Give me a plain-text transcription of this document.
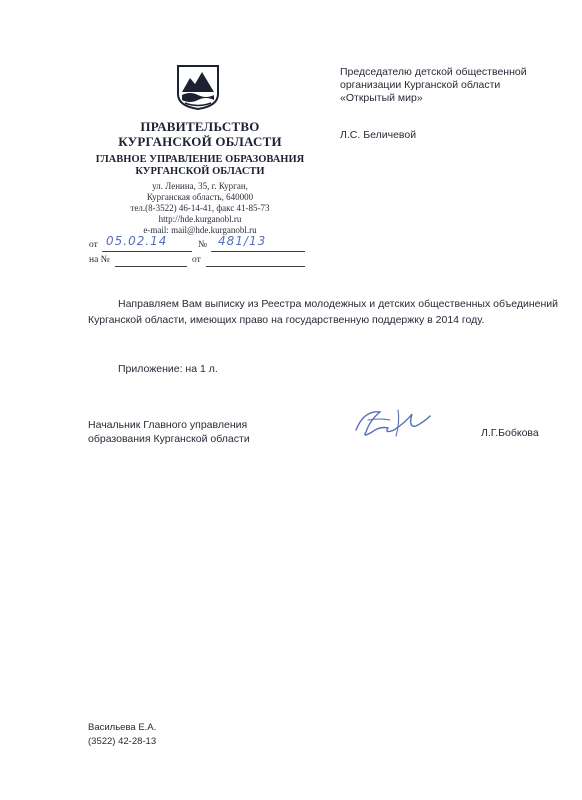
ПРАВИТЕЛЬСТВО
КУРГАНСКОЙ ОБЛАСТИ
ГЛАВНОЕ УПРАВЛЕНИЕ ОБРАЗОВАНИЯ
КУРГАНСКОЙ ОБЛАСТИ
ул. Ленина, 35, г. Курган,
Курганская область, 640000
тел.(8-3522) 46-14-41, факс 41-85-73
http://hde.kurganobl.ru
e-mail: mail@hde.kurganobl.ru
от 05.02.14	№ 481/13
на №	от
Председателю детской общественной
организации Курганской области
«Открытый мир»
Л.С. Беличевой
Направляем Вам выписку из Реестра молодежных и детских общественных объединений Курганской области, имеющих право на государственную поддержку в 2014 году.
Приложение: на 1 л.
Начальник Главного управления
образования Курганской области	Л.Г.Бобкова
Васильева Е.А.
(3522) 42-28-13
